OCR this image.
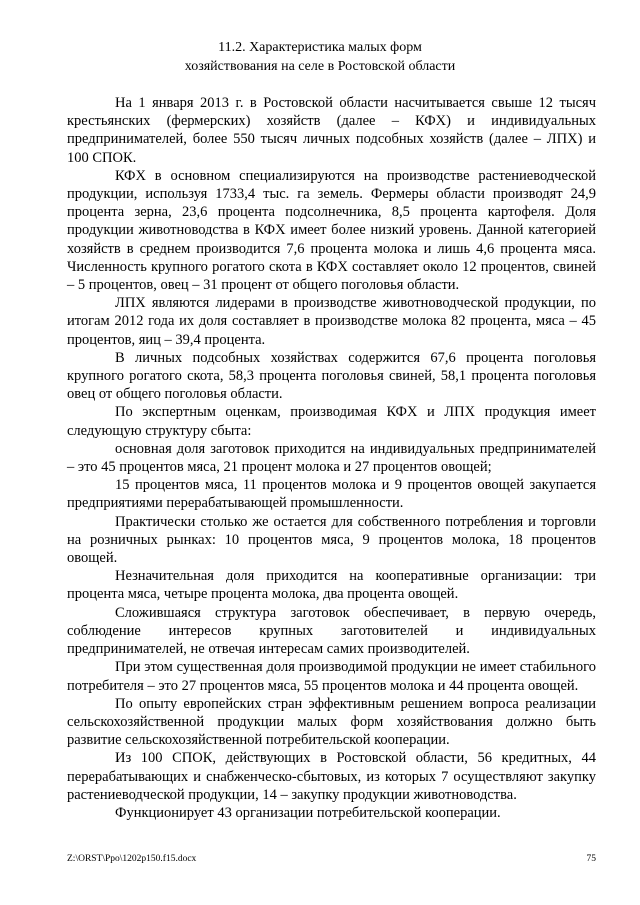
11.2. Характеристика малых форм
хозяйствования на селе в Ростовской области

На 1 января 2013 г. в Ростовской области насчитывается свыше 12 тысяч крестьянских (фермерских) хозяйств (далее – КФХ) и индивидуальных предпринимателей, более 550 тысяч личных подсобных хозяйств (далее – ЛПХ) и 100 СПОК.

КФХ в основном специализируются на производстве растениеводческой продукции, используя 1733,4 тыс. га земель. Фермеры области производят 24,9 процента зерна, 23,6 процента подсолнечника, 8,5 процента картофеля. Доля продукции животноводства в КФХ имеет более низкий уровень. Данной категорией хозяйств в среднем производится 7,6 процента молока и лишь 4,6 процента мяса. Численность крупного рогатого скота в КФХ составляет около 12 процентов, свиней – 5 процентов, овец – 31 процент от общего поголовья области.

ЛПХ являются лидерами в производстве животноводческой продукции, по итогам 2012 года их доля составляет в производстве молока 82 процента, мяса – 45 процентов, яиц – 39,4 процента.

В личных подсобных хозяйствах содержится 67,6 процента поголовья крупного рогатого скота, 58,3 процента поголовья свиней, 58,1 процента поголовья овец от общего поголовья области.

По экспертным оценкам, производимая КФХ и ЛПХ продукция имеет следующую структуру сбыта:

основная доля заготовок приходится на индивидуальных предпринимателей – это 45 процентов мяса, 21 процент молока и 27 процентов овощей;

15 процентов мяса, 11 процентов молока и 9 процентов овощей закупается предприятиями перерабатывающей промышленности.

Практически столько же остается для собственного потребления и торговли на розничных рынках: 10 процентов мяса, 9 процентов молока, 18 процентов овощей.

Незначительная доля приходится на кооперативные организации: три процента мяса, четыре процента молока, два процента овощей.

Сложившаяся структура заготовок обеспечивает, в первую очередь, соблюдение интересов крупных заготовителей и индивидуальных предпринимателей, не отвечая интересам самих производителей.

При этом существенная доля производимой продукции не имеет стабильного потребителя – это 27 процентов мяса, 55 процентов молока и 44 процента овощей.

По опыту европейских стран эффективным решением вопроса реализации сельскохозяйственной продукции малых форм хозяйствования должно быть развитие сельскохозяйственной потребительской кооперации.

Из 100 СПОК, действующих в Ростовской области, 56 кредитных, 44 перерабатывающих и снабженческо-сбытовых, из которых 7 осуществляют закупку растениеводческой продукции, 14 – закупку продукции животноводства.

Функционирует 43 организации потребительской кооперации.

Z:\ORST\Ppo\1202p150.f15.docx	75
